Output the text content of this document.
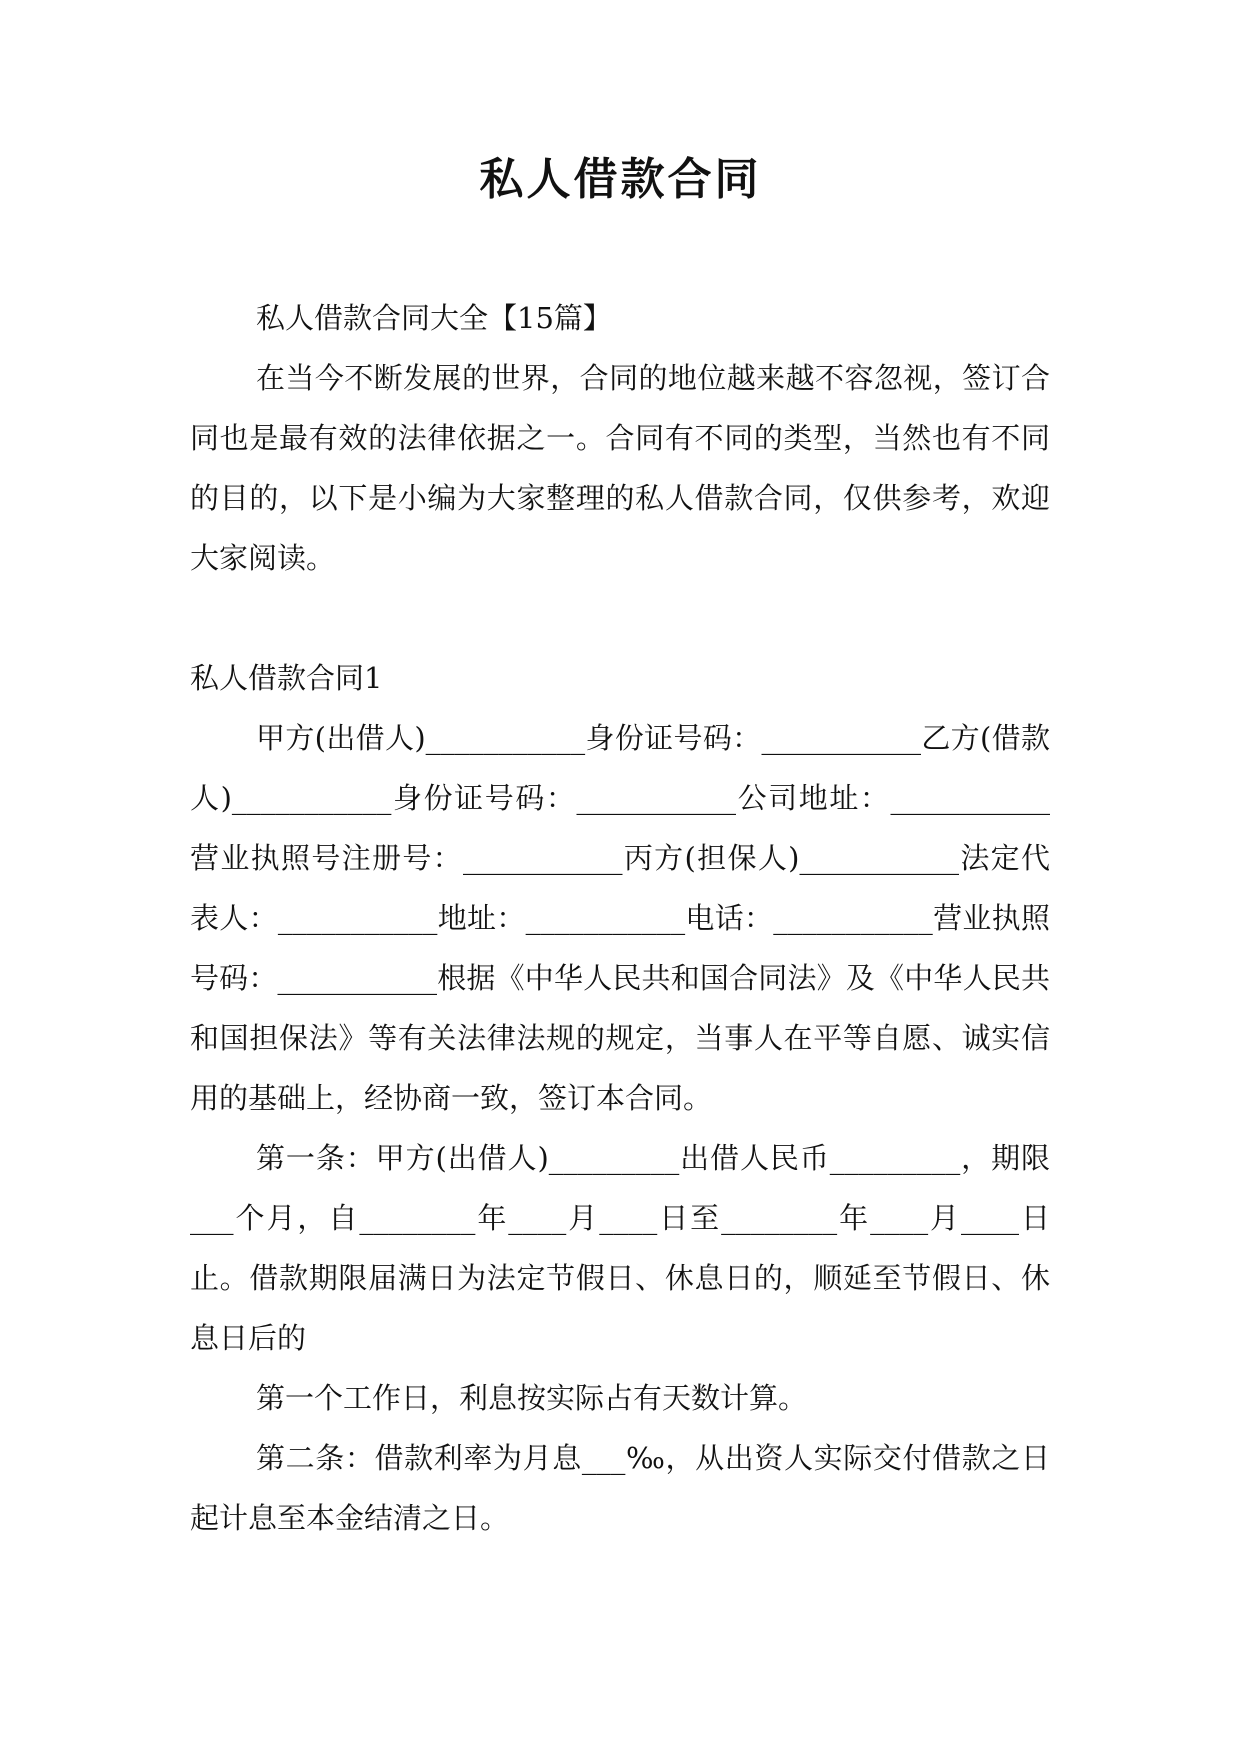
私人借款合同

私人借款合同大全【15篇】

在当今不断发展的世界，合同的地位越来越不容忽视，签订合同也是最有效的法律依据之一。合同有不同的类型，当然也有不同的目的，以下是小编为大家整理的私人借款合同，仅供参考，欢迎大家阅读。

私人借款合同1

甲方(出借人)___________身份证号码：___________乙方(借款人)___________身份证号码：___________公司地址：___________营业执照号注册号：___________丙方(担保人)___________法定代表人：___________地址：___________电话：___________营业执照号码：___________根据《中华人民共和国合同法》及《中华人民共和国担保法》等有关法律法规的规定，当事人在平等自愿、诚实信用的基础上，经协商一致，签订本合同。

第一条：甲方(出借人)_________出借人民币_________，期限___个月，自________年____月____日至________年____月____日止。借款期限届满日为法定节假日、休息日的，顺延至节假日、休息日后的

第一个工作日，利息按实际占有天数计算。

第二条：借款利率为月息___‰，从出资人实际交付借款之日起计息至本金结清之日。
